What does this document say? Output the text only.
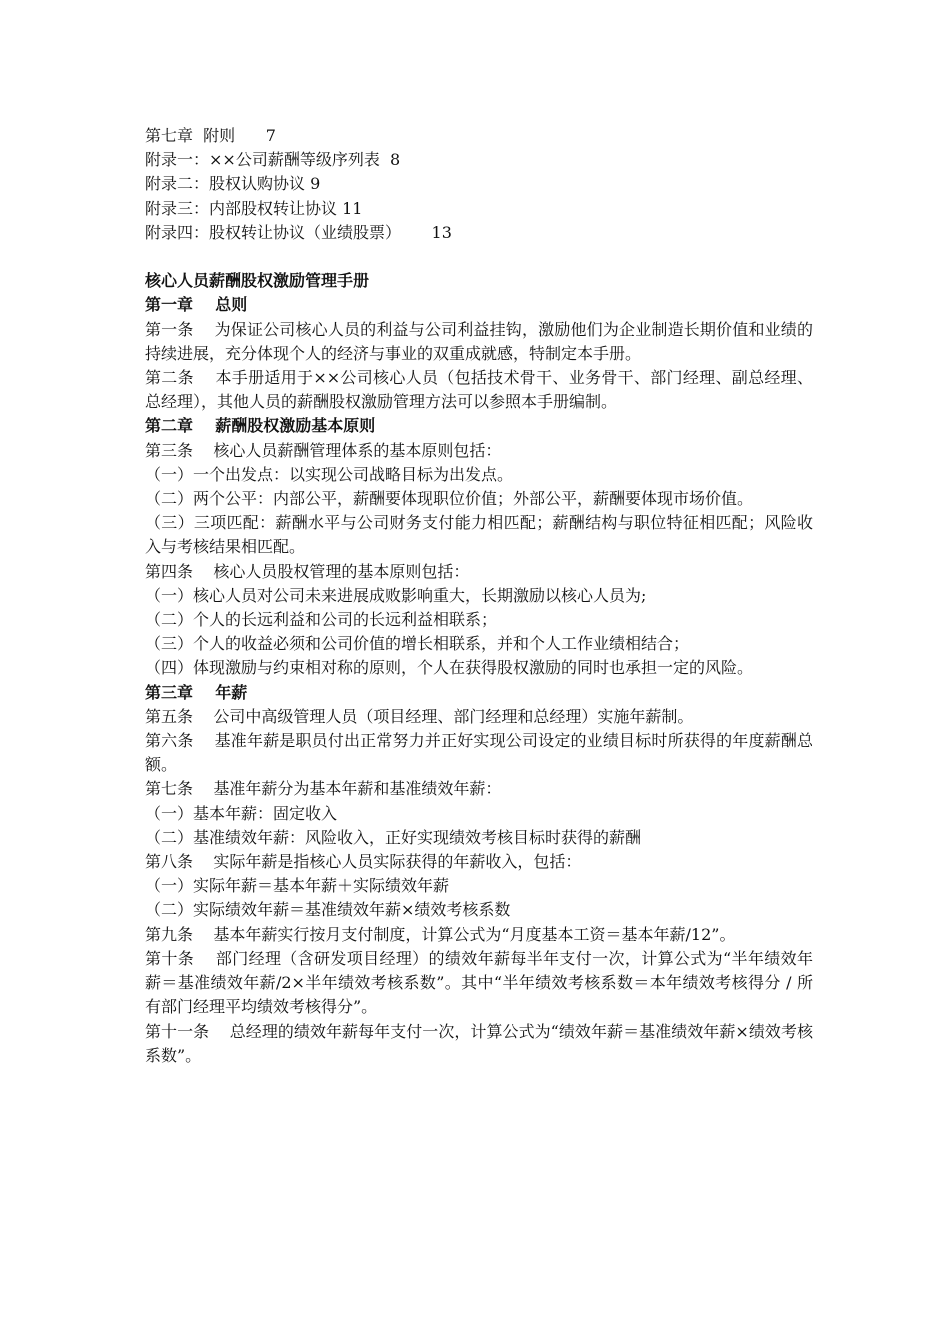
第七章  附则      7

附录一：××公司薪酬等级序列表  8

附录二：股权认购协议 9

附录三：内部股权转让协议 11

附录四：股权转让协议（业绩股票）      13

核心人员薪酬股权激励管理手册

第一章    总则

第一条    为保证公司核心人员的利益与公司利益挂钩，激励他们为企业制造长期价值和业绩的持续进展，充分体现个人的经济与事业的双重成就感，特制定本手册。

第二条    本手册适用于××公司核心人员（包括技术骨干、业务骨干、部门经理、副总经理、总经理），其他人员的薪酬股权激励管理方法可以参照本手册编制。

第二章    薪酬股权激励基本原则

第三条    核心人员薪酬管理体系的基本原则包括：

（一）一个出发点：以实现公司战略目标为出发点。

（二）两个公平：内部公平，薪酬要体现职位价值；外部公平，薪酬要体现市场价值。

（三）三项匹配：薪酬水平与公司财务支付能力相匹配；薪酬结构与职位特征相匹配；风险收入与考核结果相匹配。

第四条    核心人员股权管理的基本原则包括：

（一）核心人员对公司未来进展成败影响重大，长期激励以核心人员为;

（二）个人的长远利益和公司的长远利益相联系；

（三）个人的收益必须和公司价值的增长相联系，并和个人工作业绩相结合；

（四）体现激励与约束相对称的原则，个人在获得股权激励的同时也承担一定的风险。

第三章    年薪

第五条    公司中高级管理人员（项目经理、部门经理和总经理）实施年薪制。

第六条    基准年薪是职员付出正常努力并正好实现公司设定的业绩目标时所获得的年度薪酬总额。

第七条    基准年薪分为基本年薪和基准绩效年薪：

（一）基本年薪：固定收入

（二）基准绩效年薪：风险收入，正好实现绩效考核目标时获得的薪酬

第八条    实际年薪是指核心人员实际获得的年薪收入，包括：

（一）实际年薪＝基本年薪＋实际绩效年薪

（二）实际绩效年薪＝基准绩效年薪×绩效考核系数

第九条    基本年薪实行按月支付制度，计算公式为“月度基本工资＝基本年薪/12”。

第十条    部门经理（含研发项目经理）的绩效年薪每半年支付一次，计算公式为“半年绩效年薪＝基准绩效年薪/2×半年绩效考核系数”。其中“半年绩效考核系数＝本年绩效考核得分 / 所有部门经理平均绩效考核得分”。

第十一条    总经理的绩效年薪每年支付一次，计算公式为“绩效年薪＝基准绩效年薪×绩效考核系数”。
